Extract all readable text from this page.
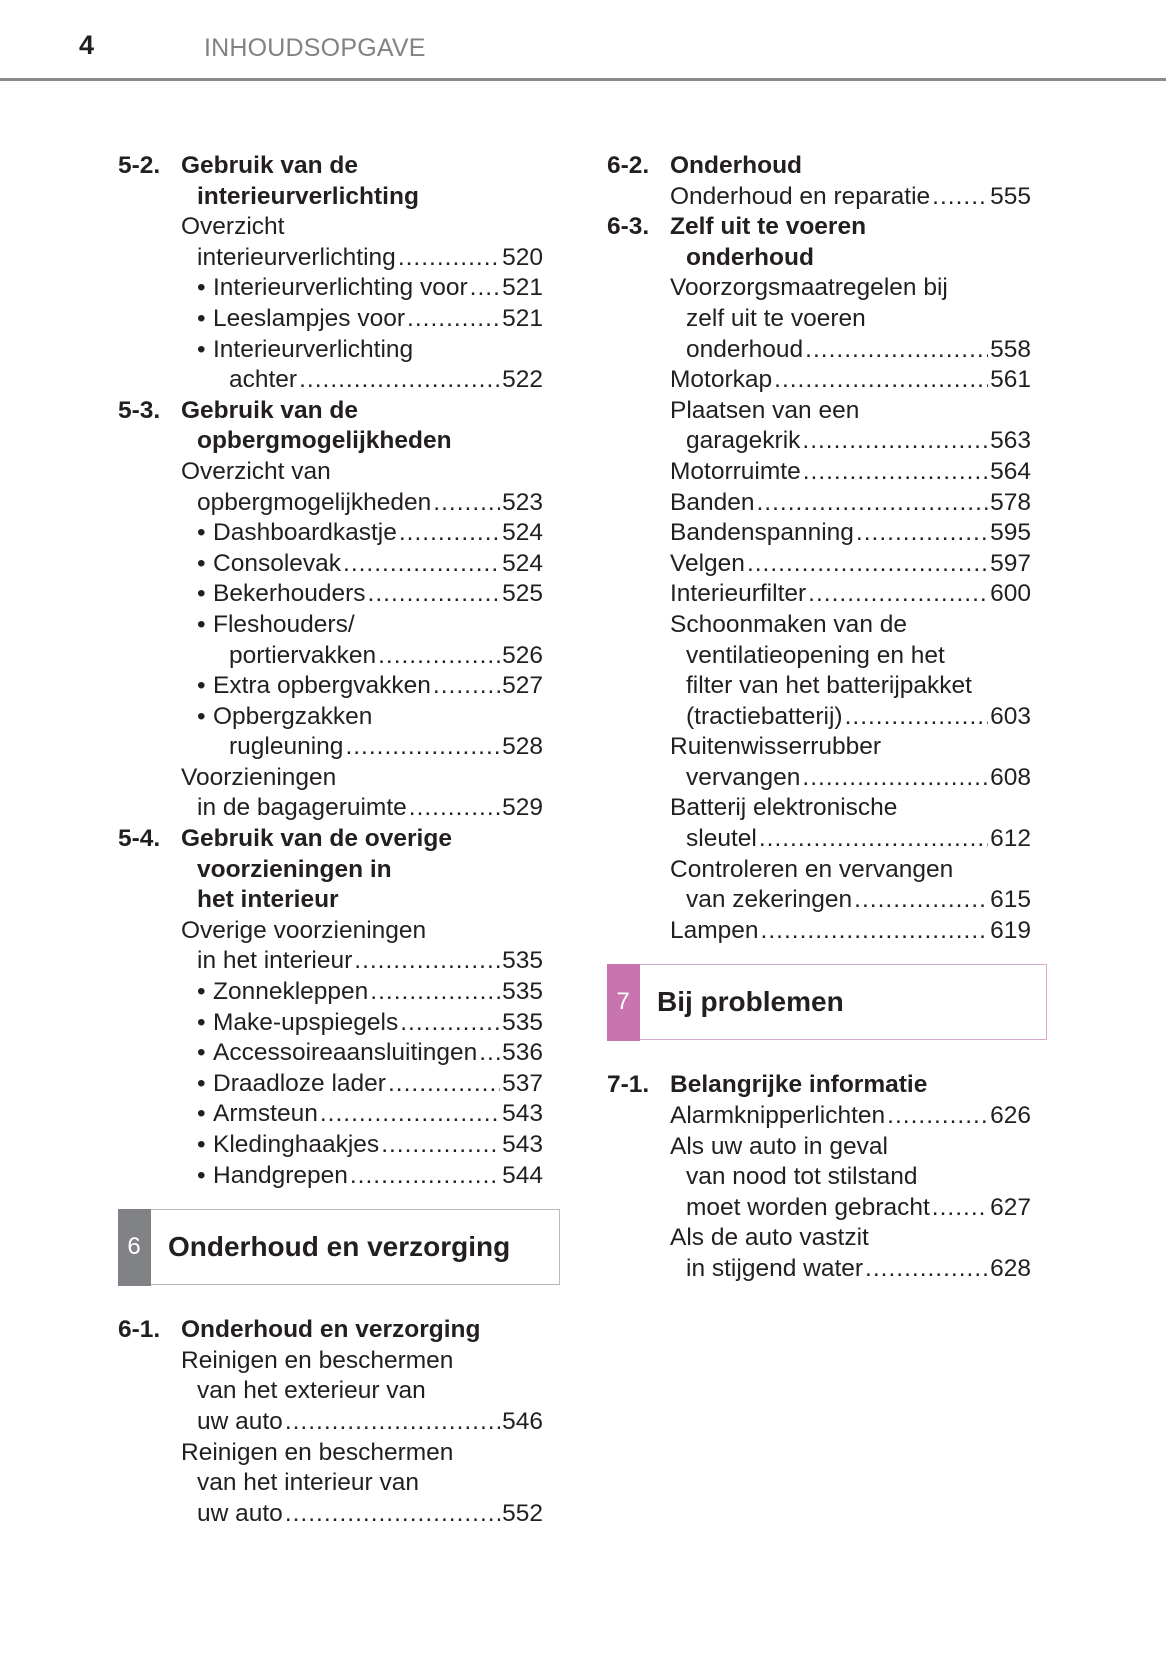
4	INHOUDSOPGAVE
5-2. Gebruik van de
interieurverlichting
Overzicht
interieurverlichting .....	520
• Interieurverlichting voor ..... 521
• Leeslampjes voor .....	521
• Interieurverlichting
achter .....	522
5-3. Gebruik van de
opbergmogelijkheden
Overzicht van
opbergmogelijkheden .....	523
• Dashboardkastje .....	524
• Consolevak .....	524
• Bekerhouders .....	525
• Fleshouders/
portiervakken .....	526
• Extra opbergvakken .....	527
• Opbergzakken
rugleuning .....	528
Voorzieningen
in de bagageruimte .....	529
5-4. Gebruik van de overige
voorzieningen in
het interieur
Overige voorzieningen
in het interieur .....	535
• Zonnekleppen .....	535
• Make-upspiegels .....	535
• Accessoireaansluitingen ..... 536
• Draadloze lader .....	537
• Armsteun .....	543
• Kledinghaakjes .....	543
• Handgrepen .....	544
6 Onderhoud en verzorging
6-1. Onderhoud en verzorging
Reinigen en beschermen
van het exterieur van
uw auto .....	546
Reinigen en beschermen
van het interieur van
uw auto .....	552
6-2. Onderhoud
Onderhoud en reparatie ..... 555
6-3. Zelf uit te voeren
onderhoud
Voorzorgsmaatregelen bij
zelf uit te voeren
onderhoud .....	558
Motorkap .....	561
Plaatsen van een
garagekrik .....	563
Motorruimte .....	564
Banden .....	578
Bandenspanning .....	595
Velgen .....	597
Interieurfilter .....	600
Schoonmaken van de
ventilatieopening en het
filter van het batterijpakket
(tractiebatterij) .....	603
Ruitenwisserrubber
vervangen .....	608
Batterij elektronische
sleutel .....	612
Controleren en vervangen
van zekeringen .....	615
Lampen .....	619
7 Bij problemen
7-1. Belangrijke informatie
Alarmknipperlichten .....	626
Als uw auto in geval
van nood tot stilstand
moet worden gebracht ..... 627
Als de auto vastzit
in stijgend water .....	628
